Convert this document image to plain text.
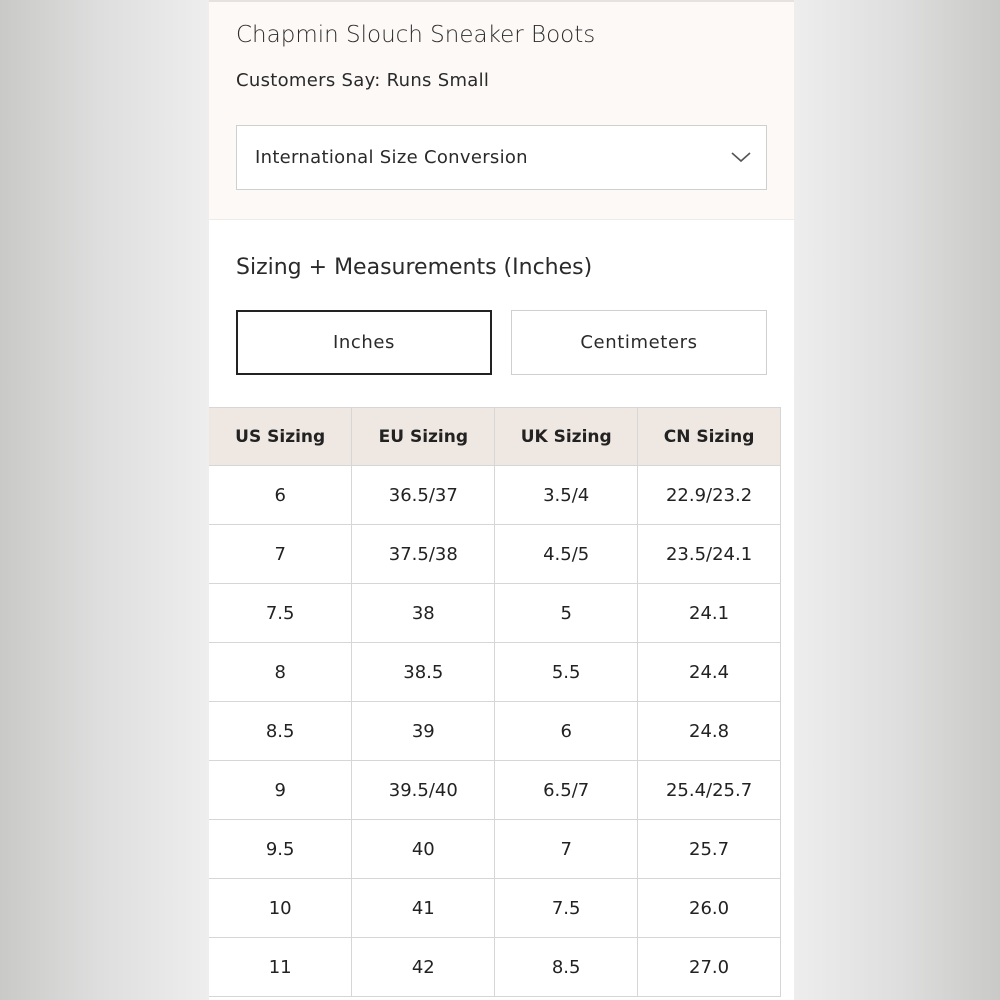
Chapmin Slouch Sneaker Boots
Customers Say: Runs Small
International Size Conversion
Sizing + Measurements (Inches)
Inches	Centimeters
US Sizing	EU Sizing	UK Sizing	CN Sizing
6	36.5/37	3.5/4	22.9/23.2
7	37.5/38	4.5/5	23.5/24.1
7.5	38	5	24.1
8	38.5	5.5	24.4
8.5	39	6	24.8
9	39.5/40	6.5/7	25.4/25.7
9.5	40	7	25.7
10	41	7.5	26.0
11	42	8.5	27.0
